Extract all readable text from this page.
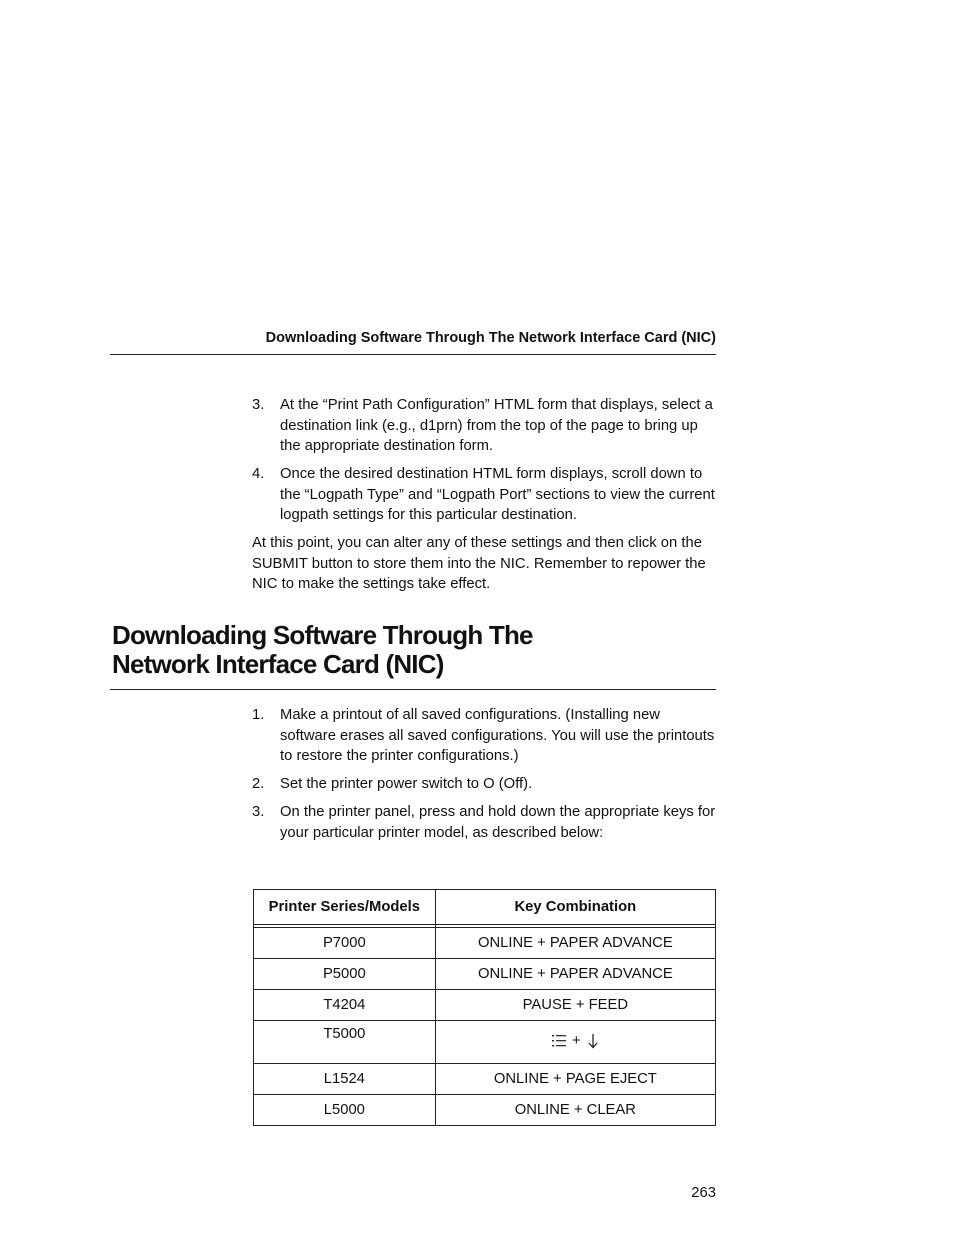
Downloading Software Through The Network Interface Card (NIC)
3. At the “Print Path Configuration” HTML form that displays, select a destination link (e.g., d1prn) from the top of the page to bring up the appropriate destination form.
4. Once the desired destination HTML form displays, scroll down to the “Logpath Type” and “Logpath Port” sections to view the current logpath settings for this particular destination.

At this point, you can alter any of these settings and then click on the SUBMIT button to store them into the NIC. Remember to repower the NIC to make the settings take effect.

Downloading Software Through The
Network Interface Card (NIC)
1. Make a printout of all saved configurations. (Installing new software erases all saved configurations. You will use the printouts to restore the printer configurations.)
2. Set the printer power switch to O (Off).
3. On the printer panel, press and hold down the appropriate keys for your particular printer model, as described below:
Printer Series/Models	Key Combination

P7000	ONLINE + PAPER ADVANCE
P5000	ONLINE + PAPER ADVANCE
T4204	PAUSE + FEED
T5000	+

L1524	ONLINE + PAGE EJECT
L5000	ONLINE + CLEAR
263
